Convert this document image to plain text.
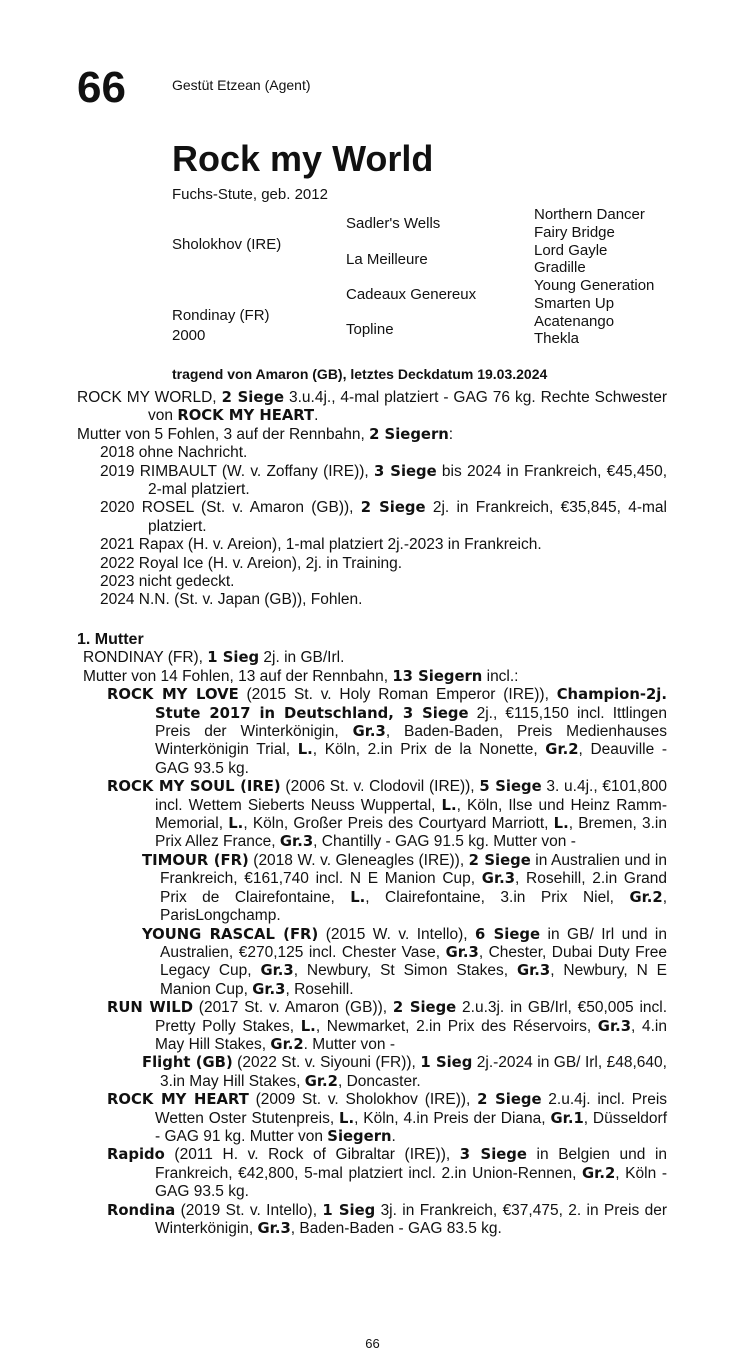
66	Gestüt Etzean (Agent)
Rock my World
Fuchs-Stute, geb. 2012
Sholokhov (IRE)
Rondinay (FR)
2000
Sadler's Wells
La Meilleure
Cadeaux Genereux
Topline
Northern Dancer
Fairy Bridge
Lord Gayle
Gradille
Young Generation
Smarten Up
Acatenango
Thekla
tragend von Amaron (GB), letztes Deckdatum 19.03.2024
ROCK MY WORLD, 2 Siege 3.u.4j., 4-mal platziert - GAG 76 kg. Rechte Schwester von ROCK MY HEART.
Mutter von 5 Fohlen, 3 auf der Rennbahn, 2 Siegern:
2018 ohne Nachricht.
2019 RIMBAULT (W. v. Zoffany (IRE)), 3 Siege bis 2024 in Frankreich, €45,450, 2-mal platziert.
2020 ROSEL (St. v. Amaron (GB)), 2 Siege 2j. in Frankreich, €35,845, 4-mal platziert.
2021 Rapax (H. v. Areion), 1-mal platziert 2j.-2023 in Frankreich.
2022 Royal Ice (H. v. Areion), 2j. in Training.
2023 nicht gedeckt.
2024 N.N. (St. v. Japan (GB)), Fohlen.
1. Mutter
RONDINAY (FR), 1 Sieg 2j. in GB/Irl.
Mutter von 14 Fohlen, 13 auf der Rennbahn, 13 Siegern incl.:
ROCK MY LOVE (2015 St. v. Holy Roman Emperor (IRE)), Champion-2j. Stute 2017 in Deutschland, 3 Siege 2j., €115,150 incl. Ittlingen Preis der Winterkönigin, Gr.3, Baden-Baden, Preis Medienhauses Winterkönigin Trial, L., Köln, 2.in Prix de la Nonette, Gr.2, Deauville - GAG 93.5 kg.
ROCK MY SOUL (IRE) (2006 St. v. Clodovil (IRE)), 5 Siege 3. u.4j., €101,800 incl. Wettem Sieberts Neuss Wuppertal, L., Köln, Ilse und Heinz Ramm-Memorial, L., Köln, Großer Preis des Courtyard Marriott, L., Bremen, 3.in Prix Allez France, Gr.3, Chantilly - GAG 91.5 kg. Mutter von -
TIMOUR (FR) (2018 W. v. Gleneagles (IRE)), 2 Siege in Australien und in Frankreich, €161,740 incl. N E Manion Cup, Gr.3, Rosehill, 2.in Grand Prix de Clairefontaine, L., Clairefontaine, 3.in Prix Niel, Gr.2, ParisLongchamp.
YOUNG RASCAL (FR) (2015 W. v. Intello), 6 Siege in GB/ Irl und in Australien, €270,125 incl. Chester Vase, Gr.3, Chester, Dubai Duty Free Legacy Cup, Gr.3, Newbury, St Simon Stakes, Gr.3, Newbury, N E Manion Cup, Gr.3, Rosehill.
RUN WILD (2017 St. v. Amaron (GB)), 2 Siege 2.u.3j. in GB/Irl, €50,005 incl. Pretty Polly Stakes, L., Newmarket, 2.in Prix des Réservoirs, Gr.3, 4.in May Hill Stakes, Gr.2. Mutter von -
Flight (GB) (2022 St. v. Siyouni (FR)), 1 Sieg 2j.-2024 in GB/ Irl, £48,640, 3.in May Hill Stakes, Gr.2, Doncaster.
ROCK MY HEART (2009 St. v. Sholokhov (IRE)), 2 Siege 2.u.4j. incl. Preis Wetten Oster Stutenpreis, L., Köln, 4.in Preis der Diana, Gr.1, Düsseldorf - GAG 91 kg. Mutter von Siegern.
Rapido (2011 H. v. Rock of Gibraltar (IRE)), 3 Siege in Belgien und in Frankreich, €42,800, 5-mal platziert incl. 2.in Union-Rennen, Gr.2, Köln - GAG 93.5 kg.
Rondina (2019 St. v. Intello), 1 Sieg 3j. in Frankreich, €37,475, 2. in Preis der Winterkönigin, Gr.3, Baden-Baden - GAG 83.5 kg.
66
